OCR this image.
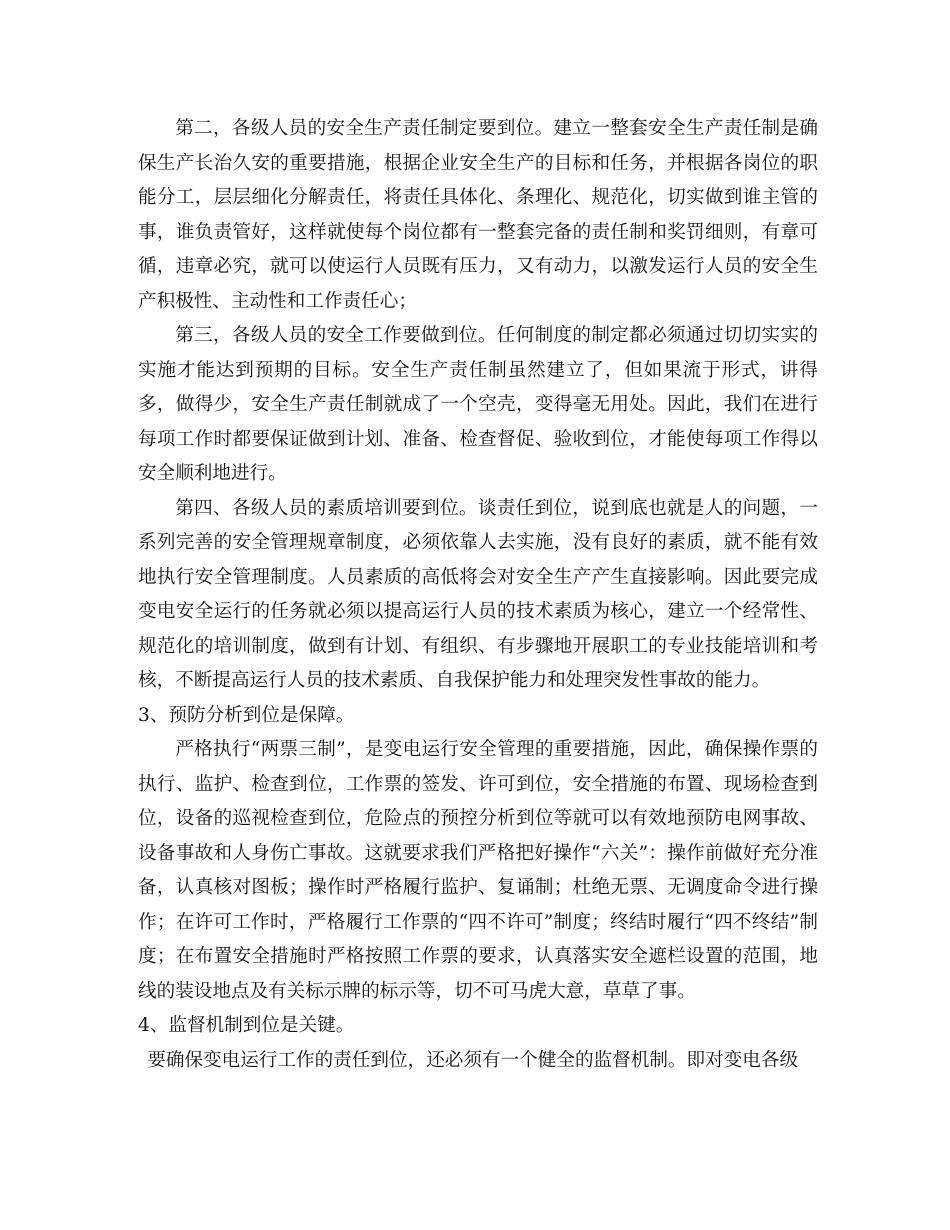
第二，各级人员的安全生产责任制定要到位。建立一整套安全生产责任制是确保生产长治久安的重要措施，根据企业安全生产的目标和任务，并根据各岗位的职能分工，层层细化分解责任，将责任具体化、条理化、规范化，切实做到谁主管的事，谁负责管好，这样就使每个岗位都有一整套完备的责任制和奖罚细则，有章可循，违章必究，就可以使运行人员既有压力，又有动力，以激发运行人员的安全生产积极性、主动性和工作责任心；

第三，各级人员的安全工作要做到位。任何制度的制定都必须通过切切实实的实施才能达到预期的目标。安全生产责任制虽然建立了，但如果流于形式，讲得多，做得少，安全生产责任制就成了一个空壳，变得毫无用处。因此，我们在进行每项工作时都要保证做到计划、准备、检查督促、验收到位，才能使每项工作得以安全顺利地进行。

第四、各级人员的素质培训要到位。谈责任到位，说到底也就是人的问题，一系列完善的安全管理规章制度，必须依靠人去实施，没有良好的素质，就不能有效地执行安全管理制度。人员素质的高低将会对安全生产产生直接影响。因此要完成变电安全运行的任务就必须以提高运行人员的技术素质为核心，建立一个经常性、规范化的培训制度，做到有计划、有组织、有步骤地开展职工的专业技能培训和考核，不断提高运行人员的技术素质、自我保护能力和处理突发性事故的能力。

3、预防分析到位是保障。

严格执行“两票三制”，是变电运行安全管理的重要措施，因此，确保操作票的执行、监护、检查到位，工作票的签发、许可到位，安全措施的布置、现场检查到位，设备的巡视检查到位，危险点的预控分析到位等就可以有效地预防电网事故、设备事故和人身伤亡事故。这就要求我们严格把好操作“六关”：操作前做好充分准备，认真核对图板；操作时严格履行监护、复诵制；杜绝无票、无调度命令进行操作；在许可工作时，严格履行工作票的“四不许可”制度；终结时履行“四不终结”制度；在布置安全措施时严格按照工作票的要求，认真落实安全遮栏设置的范围，地线的装设地点及有关标示牌的标示等，切不可马虎大意，草草了事。

4、监督机制到位是关键。

要确保变电运行工作的责任到位，还必须有一个健全的监督机制。即对变电各级
